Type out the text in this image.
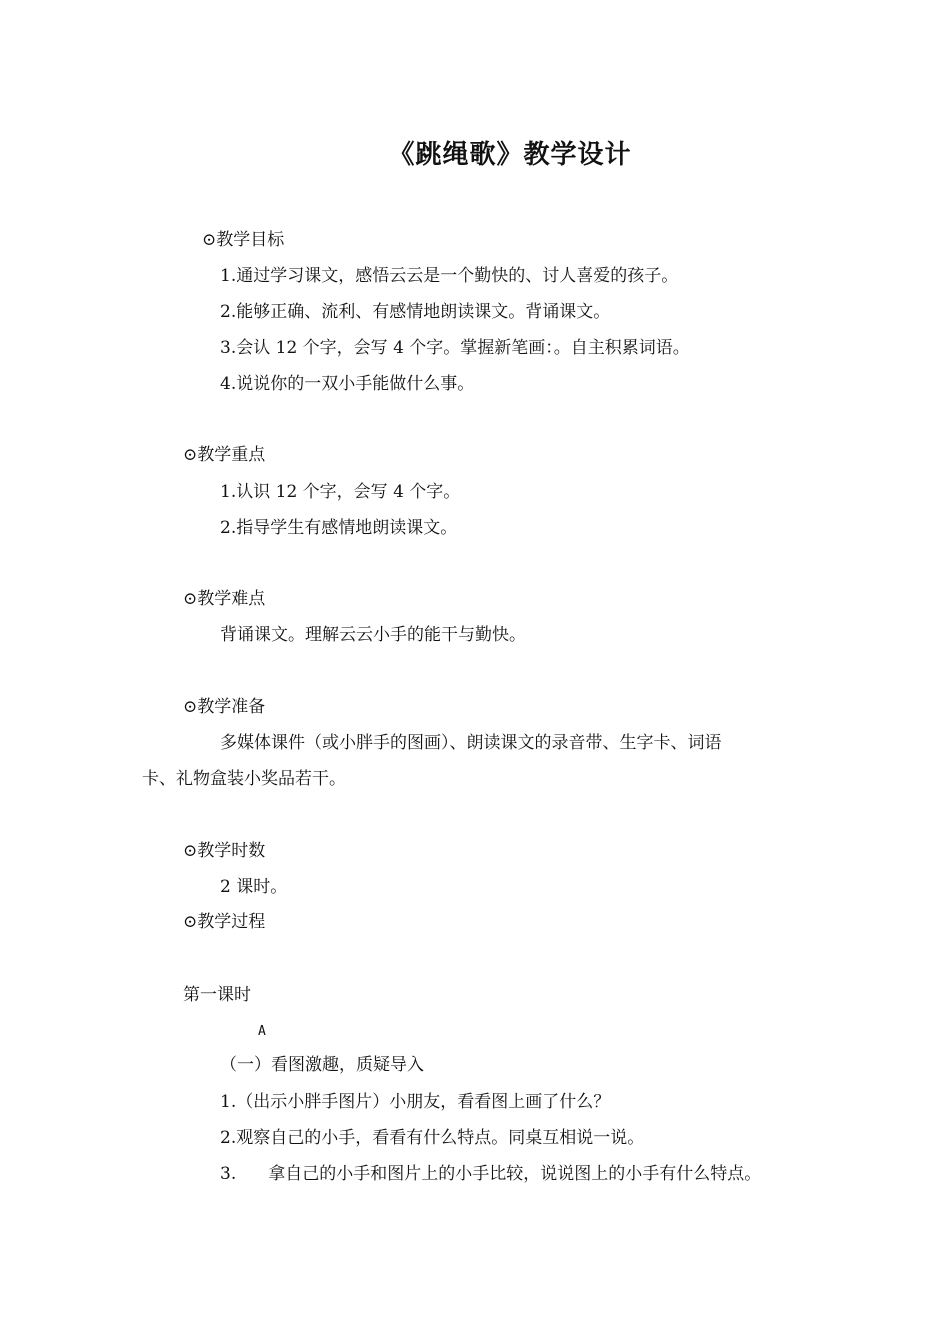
《跳绳歌》教学设计
⊙教学目标
1.通过学习课文，感悟云云是一个勤快的、讨人喜爱的孩子。
2.能够正确、流利、有感情地朗读课文。背诵课文。
3.会认 12 个字，会写 4 个字。掌握新笔画：。自主积累词语。
4.说说你的一双小手能做什么事。
⊙教学重点
1.认识 12 个字，会写 4 个字。
2.指导学生有感情地朗读课文。
⊙教学难点
背诵课文。理解云云小手的能干与勤快。
⊙教学准备
多媒体课件（或小胖手的图画）、朗读课文的录音带、生字卡、词语
卡、礼物盒装小奖品若干。
⊙教学时数
2 课时。
⊙教学过程
第一课时
A
（一）看图激趣，质疑导入
1.（出示小胖手图片）小朋友，看看图上画了什么？
2.观察自己的小手，看看有什么特点。同桌互相说一说。
3. 拿自己的小手和图片上的小手比较，说说图上的小手有什么特点。
